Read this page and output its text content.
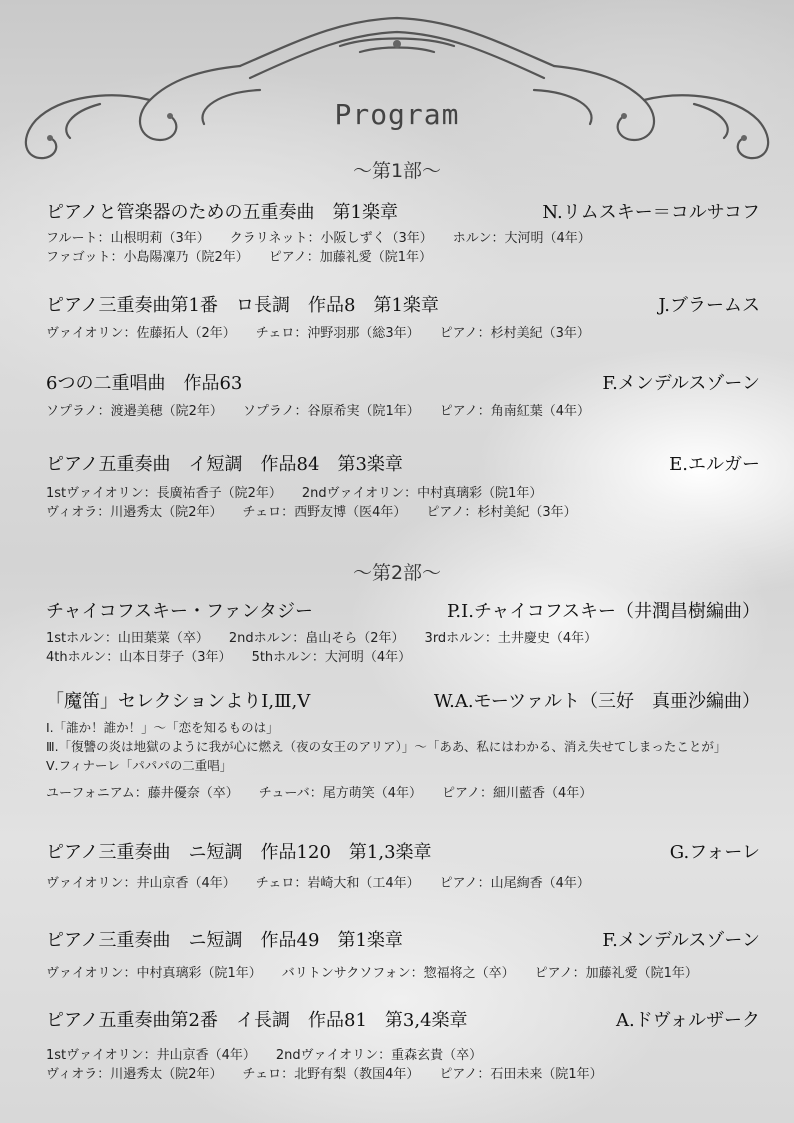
Program
～第1部～
ピアノと管楽器のための五重奏曲　第1楽章	N.リムスキー＝コルサコフ
フルート：山根明莉（3年） クラリネット：小阪しずく（3年） ホルン：大河明（4年）
ファゴット：小島陽凜乃（院2年） ピアノ：加藤礼愛（院1年）
ピアノ三重奏曲第1番　ロ長調　作品8　第1楽章	J.ブラームス
ヴァイオリン：佐藤拓人（2年） チェロ：沖野羽那（総3年） ピアノ：杉村美紀（3年）
6つの二重唱曲　作品63	F.メンデルスゾーン
ソプラノ：渡邉美穂（院2年） ソプラノ：谷原希実（院1年） ピアノ：角南紅葉（4年）
ピアノ五重奏曲　イ短調　作品84　第3楽章	E.エルガー
1stヴァイオリン：長廣祐香子（院2年） 2ndヴァイオリン：中村真璃彩（院1年）
ヴィオラ：川邉秀太（院2年） チェロ：西野友博（医4年） ピアノ：杉村美紀（3年）
～第2部～
チャイコフスキー・ファンタジー	P.I.チャイコフスキー（井潤昌樹編曲）
1stホルン：山田葉菜（卒） 2ndホルン：畠山そら（2年） 3rdホルン：土井慶史（4年）
4thホルン：山本日芽子（3年） 5thホルン：大河明（4年）
「魔笛」セレクションよりⅠ,Ⅲ,Ⅴ	W.A.モーツァルト（三好　真亜沙編曲）
Ⅰ.「誰か！誰か！」～「恋を知るものは」
Ⅲ.「復讐の炎は地獄のように我が心に燃え（夜の女王のアリア）」～「ああ、私にはわかる、消え失せてしまったことが」
Ⅴ.フィナーレ「パパパの二重唱」
ユーフォニアム：藤井優奈（卒） チューバ：尾方萌笑（4年） ピアノ：細川藍香（4年）
ピアノ三重奏曲　ニ短調　作品120　第1,3楽章	G.フォーレ
ヴァイオリン：井山京香（4年） チェロ：岩崎大和（工4年） ピアノ：山尾絢香（4年）
ピアノ三重奏曲　ニ短調　作品49　第1楽章	F.メンデルスゾーン
ヴァイオリン：中村真璃彩（院1年） バリトンサクソフォン：惣福将之（卒） ピアノ：加藤礼愛（院1年）
ピアノ五重奏曲第2番　イ長調　作品81　第3,4楽章	A.ドヴォルザーク
1stヴァイオリン：井山京香（4年） 2ndヴァイオリン：重森玄貴（卒）
ヴィオラ：川邉秀太（院2年） チェロ：北野有梨（教国4年） ピアノ：石田未来（院1年）
